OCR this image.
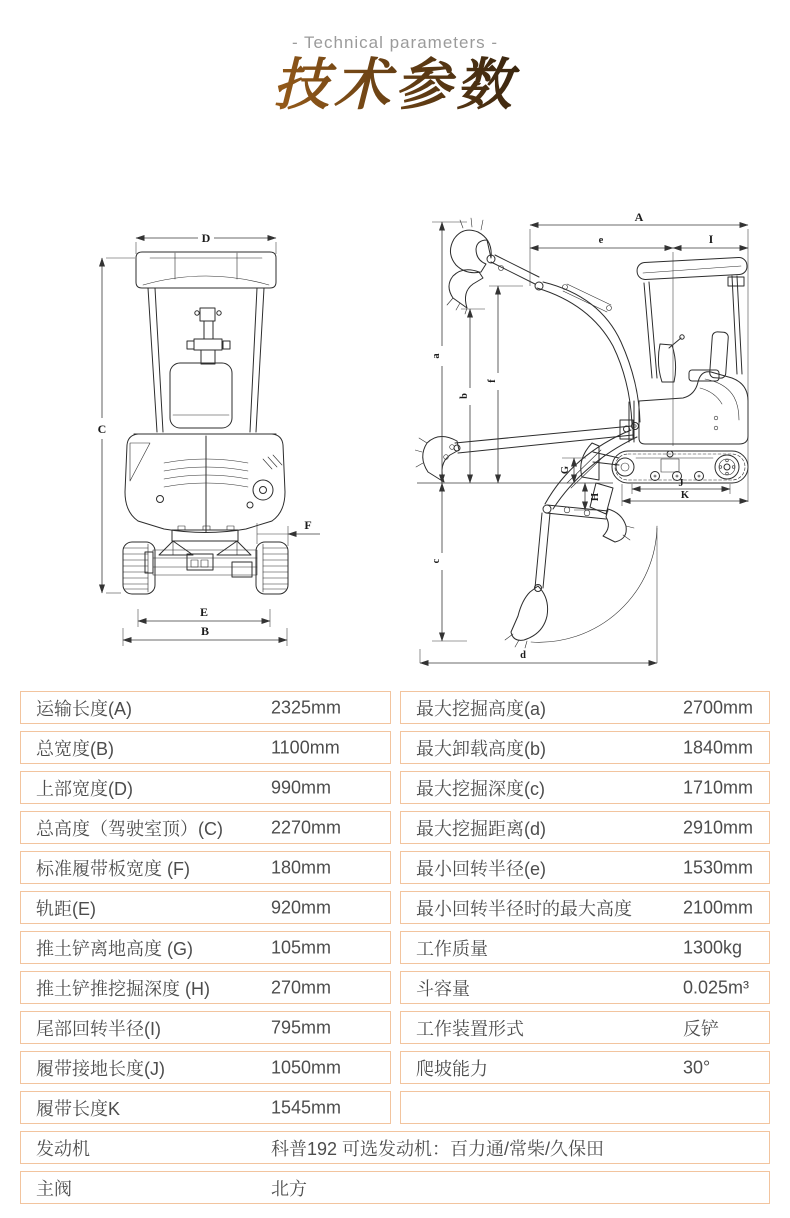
- Technical parameters -
技术参数
D
C
F
E
B
A
e	I
a
b
f
c
d
G
H
J
K
运输长度(A)	2325mm	最大挖掘高度(a)	2700mm
总宽度(B)	1100mm	最大卸载高度(b)	1840mm
上部宽度(D)	990mm	最大挖掘深度(c)	1710mm
总高度（驾驶室顶）(C)	2270mm	最大挖掘距离(d)	2910mm
标准履带板宽度 (F)	180mm	最小回转半径(e)	1530mm
轨距(E)	920mm	最小回转半径时的最大高度	2100mm
推土铲离地高度 (G)	105mm	工作质量	1300kg
推土铲推挖掘深度 (H)	270mm	斗容量	0.025m³
尾部回转半径(I)	795mm	工作装置形式	反铲
履带接地长度(J)	1050mm	爬坡能力	30°
履带长度K	1545mm
发动机	科普192 可选发动机：百力通/常柴/久保田
主阀	北方
